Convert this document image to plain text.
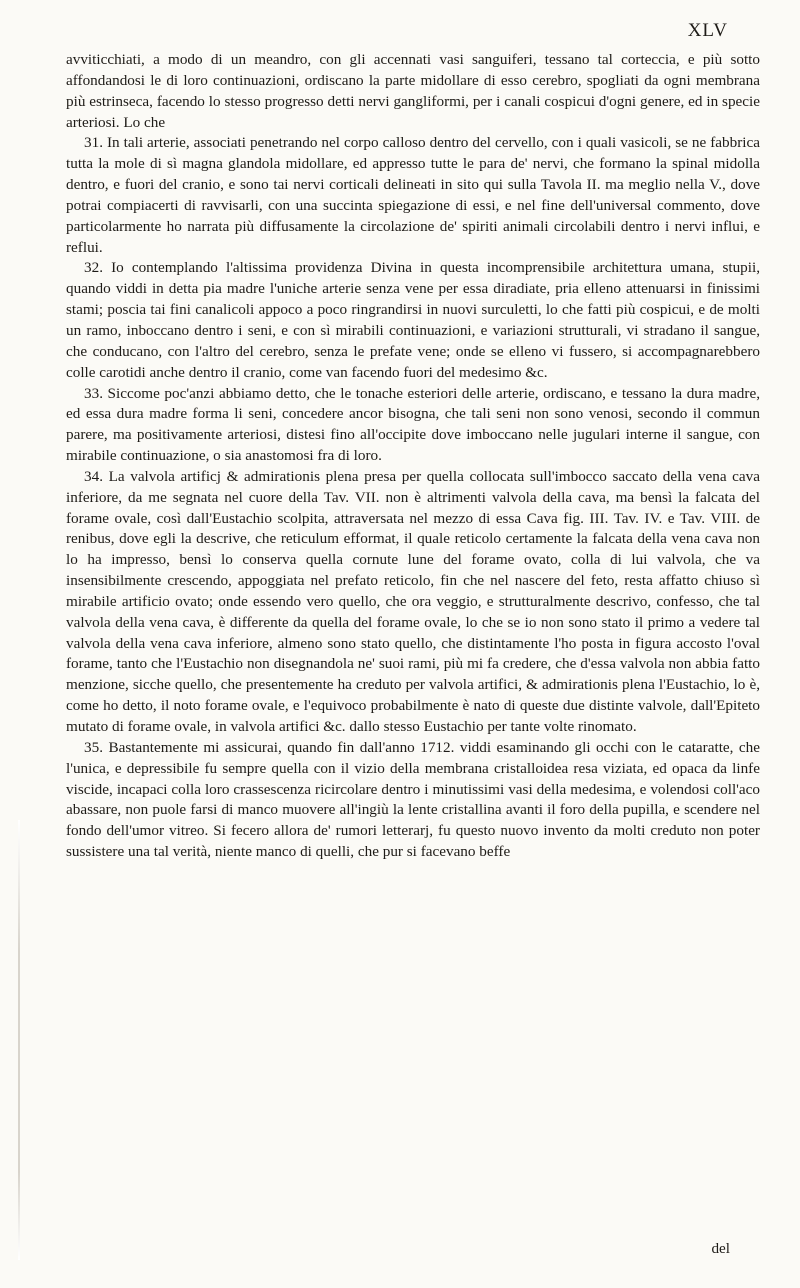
XLV

avviticchiati, a modo di un meandro, con gli accennati vasi sanguiferi, tessano tal corteccia, e più sotto affondandosi le di loro continuazioni, ordiscano la parte midollare di esso cerebro, spogliati da ogni membrana più estrinseca, facendo lo stesso progresso detti nervi gangliformi, per i canali cospicui d'ogni genere, ed in specie arteriosi. Lo che

31. In tali arterie, associati penetrando nel corpo calloso dentro del cervello, con i quali vasicoli, se ne fabbrica tutta la mole di sì magna glandola midollare, ed appresso tutte le para de' nervi, che formano la spinal midolla dentro, e fuori del cranio, e sono tai nervi corticali delineati in sito qui sulla Tavola II. ma meglio nella V., dove potrai compiacerti di ravvisarli, con una succinta spiegazione di essi, e nel fine dell'universal commento, dove particolarmente ho narrata più diffusamente la circolazione de' spiriti animali circolabili dentro i nervi influi, e reflui.

32. Io contemplando l'altissima providenza Divina in questa incomprensibile architettura umana, stupii, quando viddi in detta pia madre l'uniche arterie senza vene per essa diradiate, pria elleno attenuarsi in finissimi stami; poscia tai fini canalicoli appoco a poco ringrandirsi in nuovi surculetti, lo che fatti più cospicui, e de molti un ramo, inboccano dentro i seni, e con sì mirabili continuazioni, e variazioni strutturali, vi stradano il sangue, che conducano, con l'altro del cerebro, senza le prefate vene; onde se elleno vi fussero, si accompagnarebbero colle carotidi anche dentro il cranio, come van facendo fuori del medesimo &c.

33. Siccome poc'anzi abbiamo detto, che le tonache esteriori delle arterie, ordiscano, e tessano la dura madre, ed essa dura madre forma li seni, concedere ancor bisogna, che tali seni non sono venosi, secondo il commun parere, ma positivamente arteriosi, distesi fino all'occipite dove imboccano nelle jugulari interne il sangue, con mirabile continuazione, o sia anastomosi fra di loro.

34. La valvola artificj & admirationis plena presa per quella collocata sull'imbocco saccato della vena cava inferiore, da me segnata nel cuore della Tav. VII. non è altrimenti valvola della cava, ma bensì la falcata del forame ovale, così dall'Eustachio scolpita, attraversata nel mezzo di essa Cava fig. III. Tav. IV. e Tav. VIII. de renibus, dove egli la descrive, che reticulum efformat, il quale reticolo certamente la falcata della vena cava non lo ha impresso, bensì lo conserva quella cornute lune del forame ovato, colla di lui valvola, che va insensibilmente crescendo, appoggiata nel prefato reticolo, fin che nel nascere del feto, resta affatto chiuso sì mirabile artificio ovato; onde essendo vero quello, che ora veggio, e strutturalmente descrivo, confesso, che tal valvola della vena cava, è differente da quella del forame ovale, lo che se io non sono stato il primo a vedere tal valvola della vena cava inferiore, almeno sono stato quello, che distintamente l'ho posta in figura accosto l'oval forame, tanto che l'Eustachio non disegnandola ne' suoi rami, più mi fa credere, che d'essa valvola non abbia fatto menzione, sicche quello, che presentemente ha creduto per valvola artifici, & admirationis plena l'Eustachio, lo è, come ho detto, il noto forame ovale, e l'equivoco probabilmente è nato di queste due distinte valvole, dall'Epiteto mutato di forame ovale, in valvola artifici &c. dallo stesso Eustachio per tante volte rinomato.

35. Bastantemente mi assicurai, quando fin dall'anno 1712. viddi esaminando gli occhi con le cataratte, che l'unica, e depressibile fu sempre quella con il vizio della membrana cristalloidea resa viziata, ed opaca da linfe viscide, incapaci colla loro crassescenza ricircolare dentro i minutissimi vasi della medesima, e volendosi coll'aco abassare, non puole farsi di manco muovere all'ingiù la lente cristallina avanti il foro della pupilla, e scendere nel fondo dell'umor vitreo. Si fecero allora de' rumori letterarj, fu questo nuovo invento da molti creduto non poter sussistere una tal verità, niente manco di quelli, che pur si facevano beffe

del
